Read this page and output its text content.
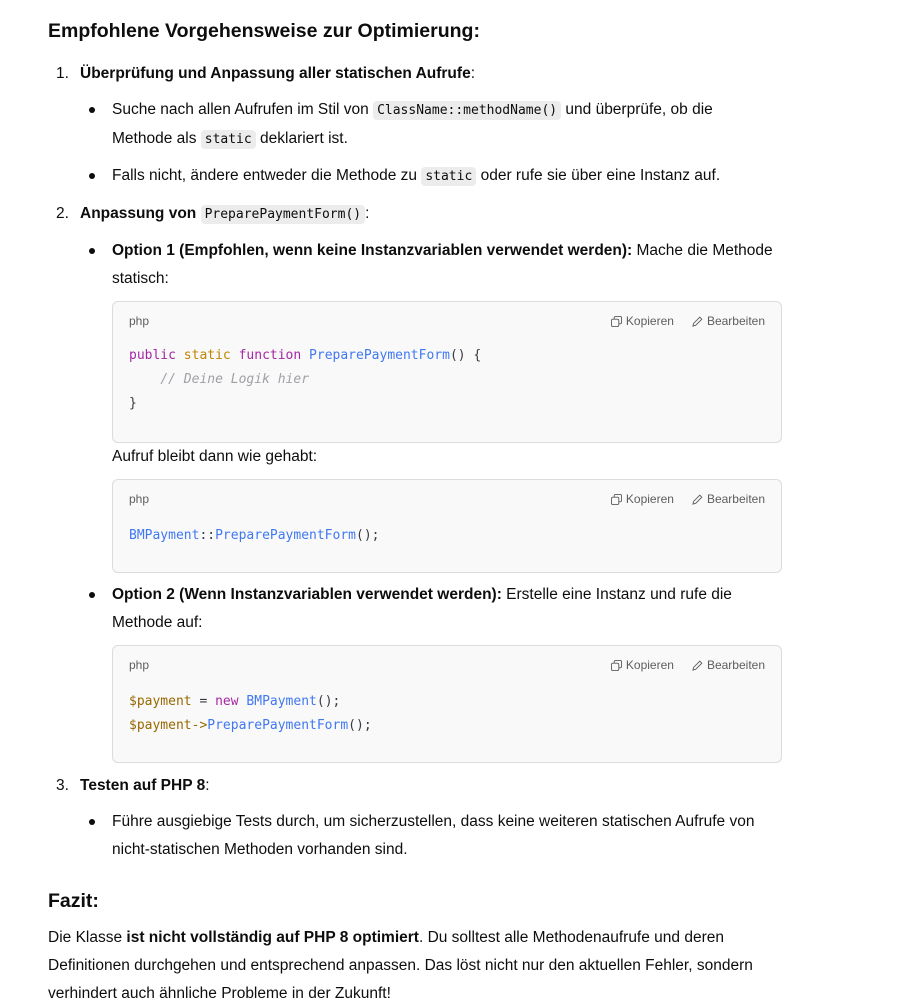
Empfohlene Vorgehensweise zur Optimierung:
1. Überprüfung und Anpassung aller statischen Aufrufe:

Suche nach allen Aufrufen im Stil von ClassName::methodName() und überprüfe, ob die
Methode als static deklariert ist.

Falls nicht, ändere entweder die Methode zu static oder rufe sie über eine Instanz auf.

2. Anpassung von PreparePaymentForm() :

Option 1 (Empfohlen, wenn keine Instanzvariablen verwendet werden): Mache die Methode
statisch:

php	Kopieren	Bearbeiten
public static function PreparePaymentForm() {
// Deine Logik hier
}

Aufruf bleibt dann wie gehabt:

php	Kopieren	Bearbeiten
BMPayment::PreparePaymentForm();

Option 2 (Wenn Instanzvariablen verwendet werden): Erstelle eine Instanz und rufe die
Methode auf:

php	Kopieren	Bearbeiten
$payment = new BMPayment();
$payment->PreparePaymentForm();
3. Testen auf PHP 8:

Führe ausgiebige Tests durch, um sicherzustellen, dass keine weiteren statischen Aufrufe von
nicht-statischen Methoden vorhanden sind.

Fazit:

Die Klasse ist nicht vollständig auf PHP 8 optimiert. Du solltest alle Methodenaufrufe und deren
Definitionen durchgehen und entsprechend anpassen. Das löst nicht nur den aktuellen Fehler, sondern
verhindert auch ähnliche Probleme in der Zukunft!
